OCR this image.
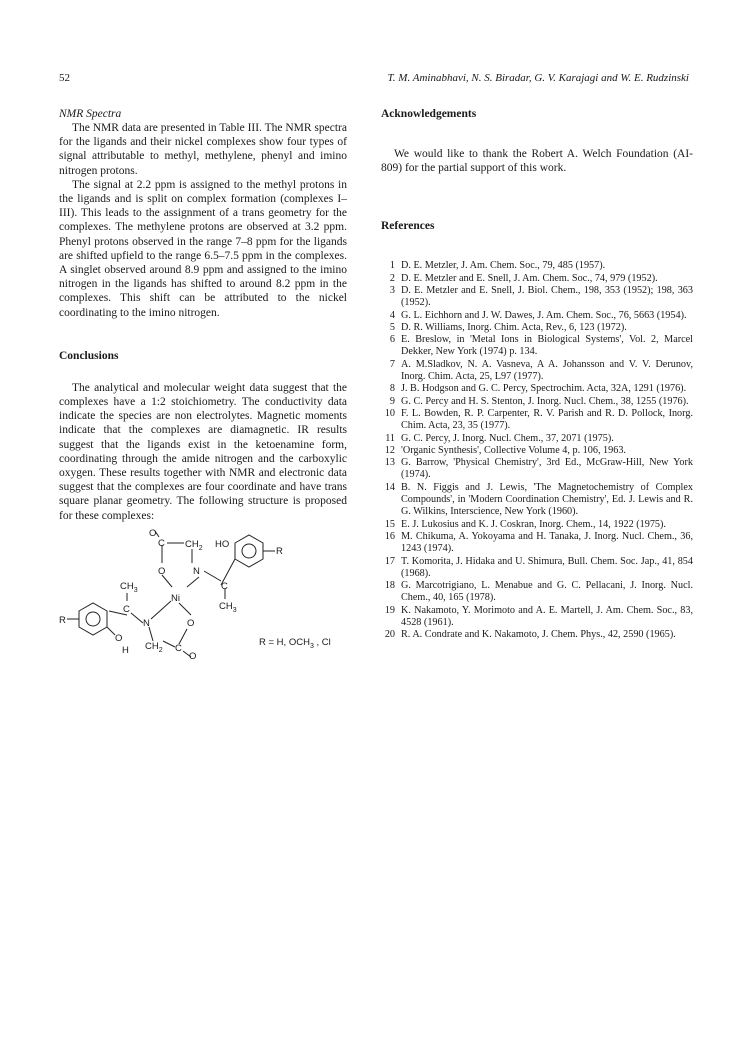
52	T. M. Aminabhavi, N. S. Biradar, G. V. Karajagi and W. E. Rudzinski

NMR Spectra

The NMR data are presented in Table III. The NMR spectra for the ligands and their nickel complexes show four types of signal attributable to methyl, methylene, phenyl and imino nitrogen protons.

The signal at 2.2 ppm is assigned to the methyl protons in the ligands and is split on complex formation (complexes I–III). This leads to the assignment of a trans geometry for the complexes. The methylene protons are observed at 3.2 ppm. Phenyl protons observed in the range 7–8 ppm for the ligands are shifted upfield to the range 6.5–7.5 ppm in the complexes. A singlet observed around 8.9 ppm and assigned to the imino nitrogen in the ligands has shifted to around 8.2 ppm in the complexes. This shift can be attributed to the nickel coordinating to the imino nitrogen.

Conclusions

The analytical and molecular weight data suggest that the complexes have a 1:2 stoichiometry. The conductivity data indicate the species are non electrolytes. Magnetic moments indicate that the complexes are diamagnetic. IR results suggest that the ligands exist in the ketoenamine form, coordinating through the amide nitrogen and the carboxylic oxygen. These results together with NMR and electronic data suggest that the complexes are four coordinate and have trans square planar geometry. The following structure is proposed for these complexes:

O
C $CH_2$ HO
R
O	N
C
$CH_3$
Ni
$CH_3$
C
N	O
R
$CH_2$ C
O
H
O
R = H, $OCH_3$ , Cl

Acknowledgements

We would like to thank the Robert A. Welch Foundation (AI-809) for the partial support of this work.

References

1 D. E. Metzler, J. Am. Chem. Soc., 79, 485 (1957).
2 D. E. Metzler and E. Snell, J. Am. Chem. Soc., 74, 979 (1952).
3 D. E. Metzler and E. Snell, J. Biol. Chem., 198, 353 (1952); 198, 363 (1952).
4 G. L. Eichhorn and J. W. Dawes, J. Am. Chem. Soc., 76, 5663 (1954).
5 D. R. Williams, Inorg. Chim. Acta, Rev., 6, 123 (1972).
6 E. Breslow, in 'Metal Ions in Biological Systems', Vol. 2, Marcel Dekker, New York (1974) p. 134.
7 A. M.Sladkov, N. A. Vasneva, A A. Johansson and V. V. Derunov, Inorg. Chim. Acta, 25, L97 (1977).
8 J. B. Hodgson and G. C. Percy, Spectrochim. Acta, 32A, 1291 (1976).
9 G. C. Percy and H. S. Stenton, J. Inorg. Nucl. Chem., 38, 1255 (1976).
10 F. L. Bowden, R. P. Carpenter, R. V. Parish and R. D. Pollock, Inorg. Chim. Acta, 23, 35 (1977).
11 G. C. Percy, J. Inorg. Nucl. Chem., 37, 2071 (1975).
12 'Organic Synthesis', Collective Volume 4, p. 106, 1963.
13 G. Barrow, 'Physical Chemistry', 3rd Ed., McGraw-Hill, New York (1974).
14 B. N. Figgis and J. Lewis, 'The Magnetochemistry of Complex Compounds', in 'Modern Coordination Chemistry', Ed. J. Lewis and R. G. Wilkins, Interscience, New York (1960).
15 E. J. Lukosius and K. J. Coskran, Inorg. Chem., 14, 1922 (1975).
16 M. Chikuma, A. Yokoyama and H. Tanaka, J. Inorg. Nucl. Chem., 36, 1243 (1974).
17 T. Komorita, J. Hidaka and U. Shimura, Bull. Chem. Soc. Jap., 41, 854 (1968).
18 G. Marcotrigiano, L. Menabue and G. C. Pellacani, J. Inorg. Nucl. Chem., 40, 165 (1978).
19 K. Nakamoto, Y. Morimoto and A. E. Martell, J. Am. Chem. Soc., 83, 4528 (1961).
20 R. A. Condrate and K. Nakamoto, J. Chem. Phys., 42, 2590 (1965).
